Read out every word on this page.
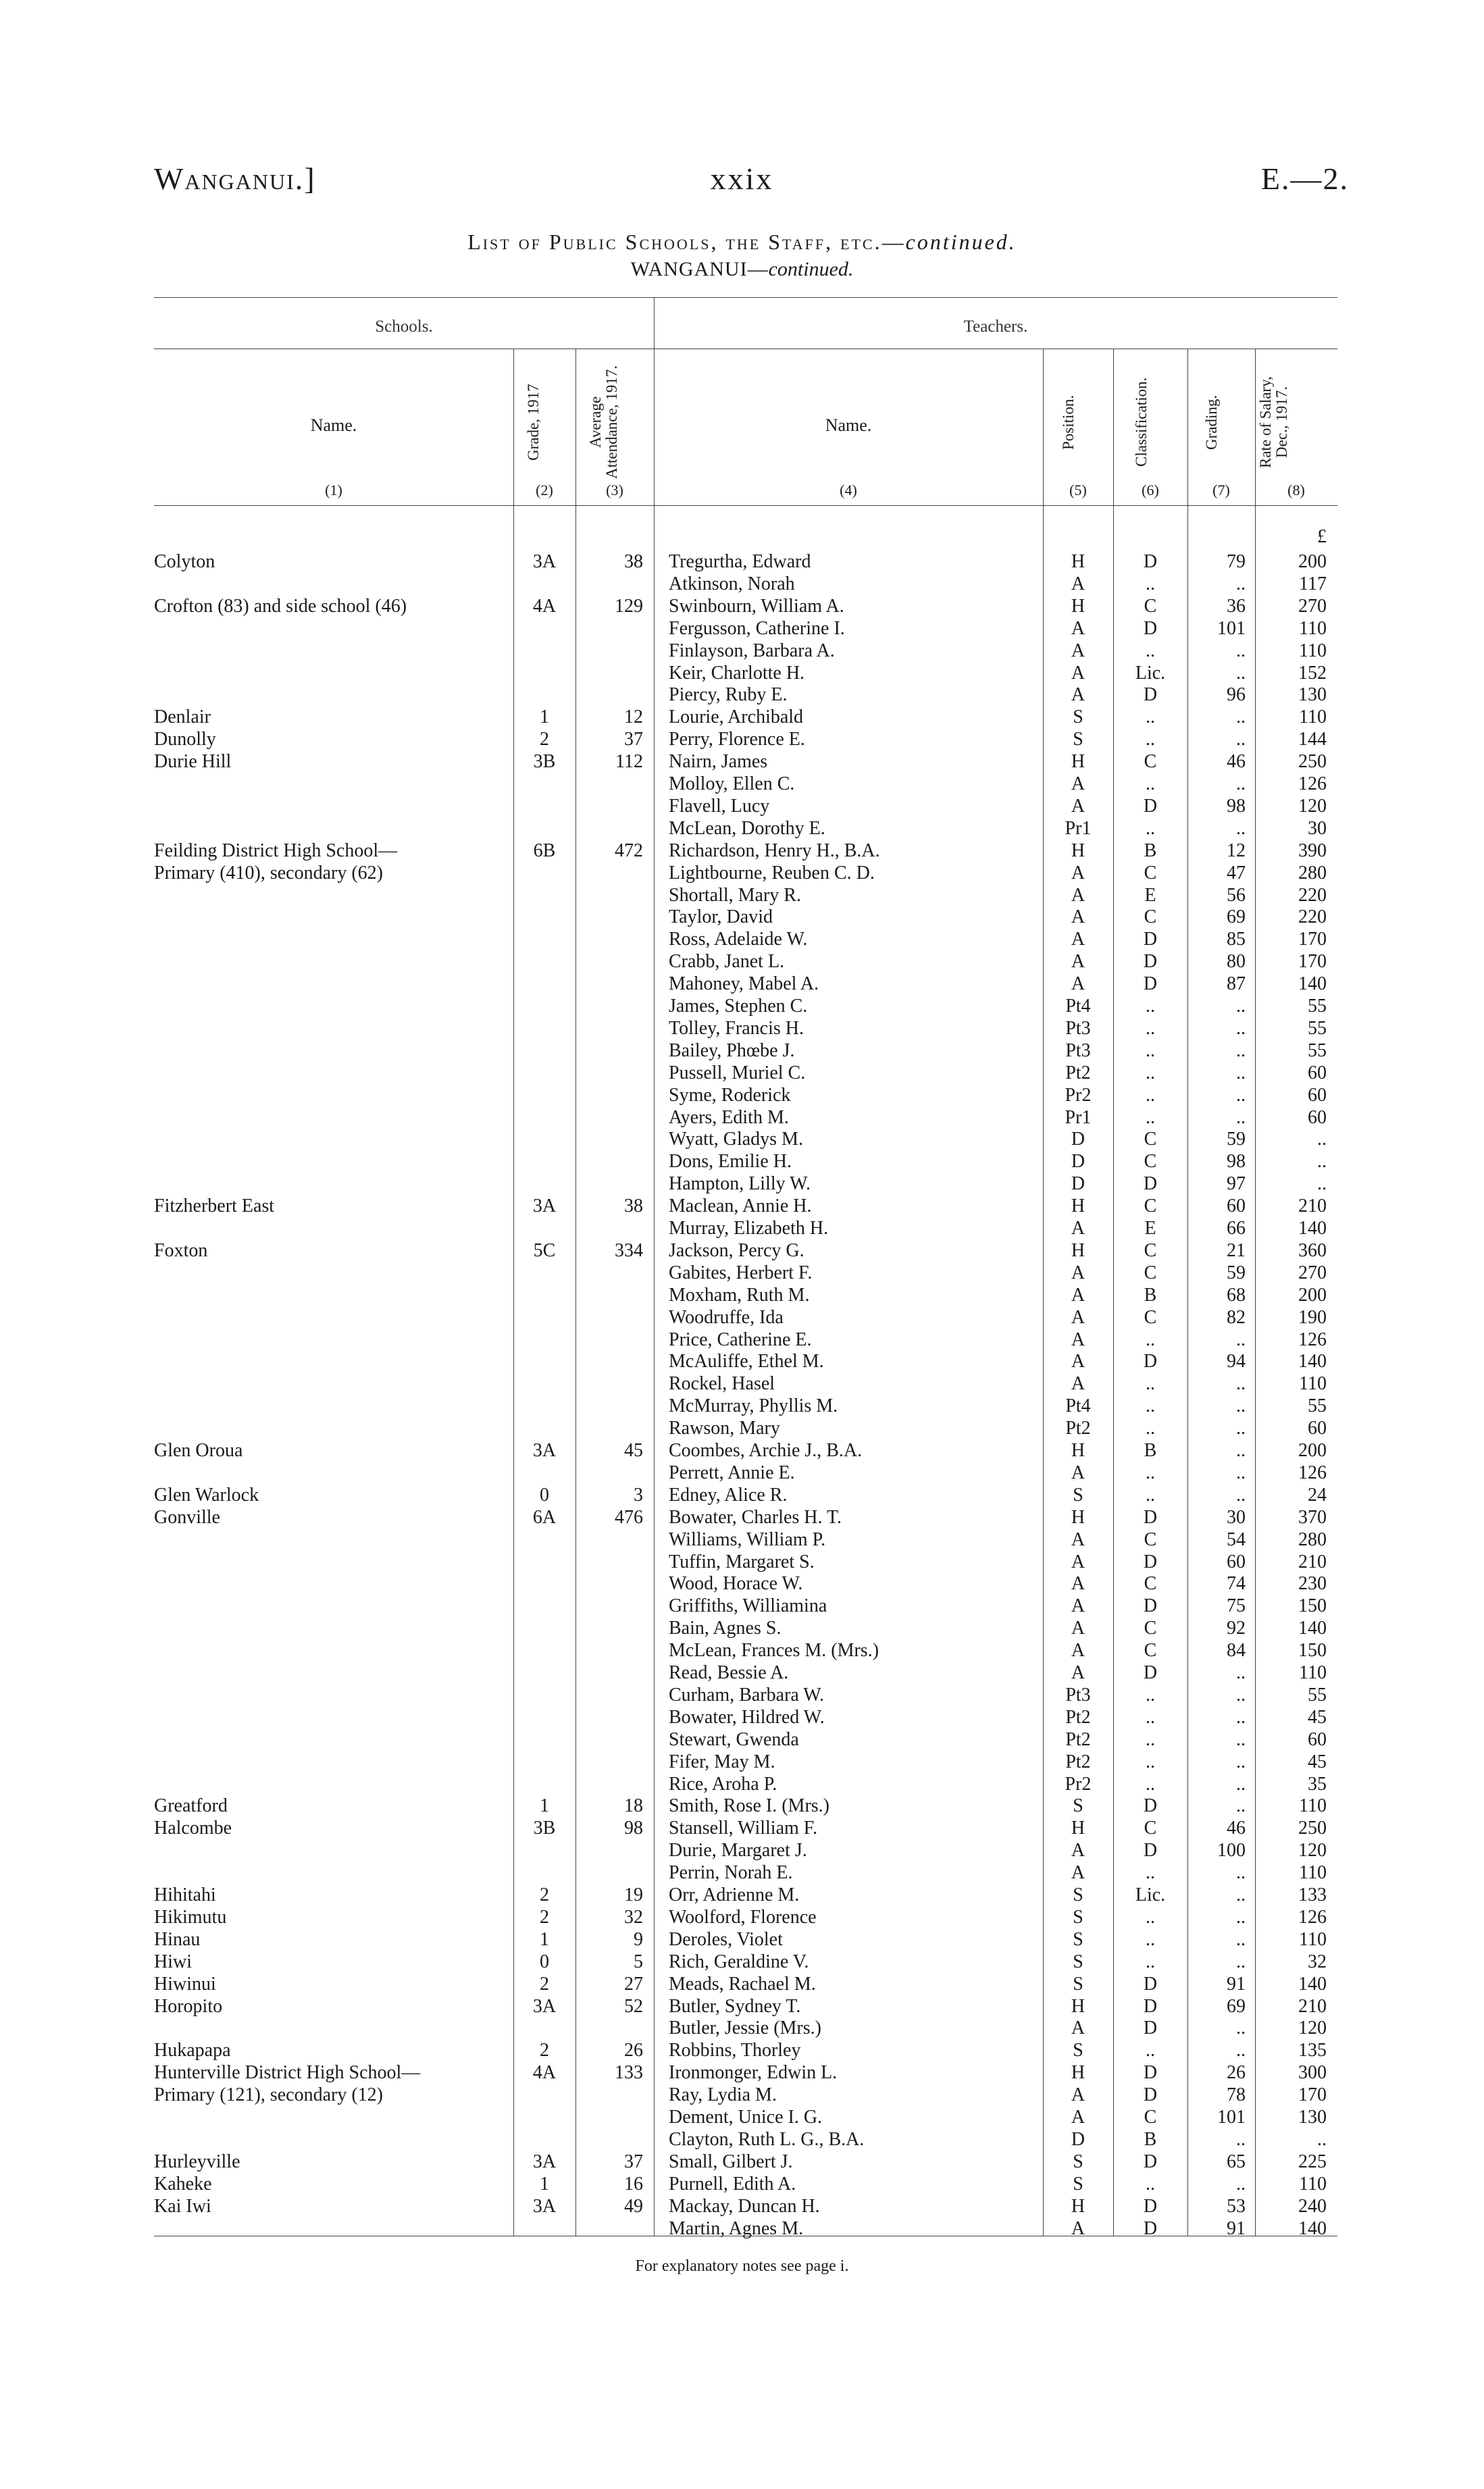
Wanganui.]	xxix	E.—2.
List of Public Schools, the Staff, etc.—continued.
WANGANUI—continued.
Schools.	Teachers.
Name.	Grade, 1917	Average Attendance, 1917.	Name.	Position.	Classification.	Grading.	Rate of Salary, Dec., 1917.
(1)	(2)	(3)	(4)	(5)	(6)	(7)	(8)
£
Colyton	3A	38 Tregurtha, Edward	H	D	79	200
Atkinson, Norah	A	..	..	117
Crofton (83) and side school (46)	4A	129 Swinbourn, William A.	H	C	36	270
Fergusson, Catherine I.	A	D	101	110
Finlayson, Barbara A.	A	..	..	110
Keir, Charlotte H.	A	Lic.	..	152
Piercy, Ruby E.	A	D	96	130
Denlair	1	12 Lourie, Archibald	S	..	..	110
Dunolly	2	37 Perry, Florence E.	S	..	..	144
Durie Hill	3B	112 Nairn, James	H	C	46	250
Molloy, Ellen C.	A	..	..	126
Flavell, Lucy	A	D	98	120
McLean, Dorothy E.	Pr1	..	..	30
Feilding District High School—	6B	472 Richardson, Henry H., B.A.	H	B	12	390
Primary (410), secondary (62)	Lightbourne, Reuben C. D.	A	C	47	280
Shortall, Mary R.	A	E	56	220
Taylor, David	A	C	69	220
Ross, Adelaide W.	A	D	85	170
Crabb, Janet L.	A	D	80	170
Mahoney, Mabel A.	A	D	87	140
James, Stephen C.	Pt4	..	..	55
Tolley, Francis H.	Pt3	..	..	55
Bailey, Phœbe J.	Pt3	..	..	55
Pussell, Muriel C.	Pt2	..	..	60
Syme, Roderick	Pr2	..	..	60
Ayers, Edith M.	Pr1	..	..	60
Wyatt, Gladys M.	D	C	59	..
Dons, Emilie H.	D	C	98	..
Hampton, Lilly W.	D	D	97	..
Fitzherbert East	3A	38 Maclean, Annie H.	H	C	60	210
Murray, Elizabeth H.	A	E	66	140
Foxton	5C	334 Jackson, Percy G.	H	C	21	360
Gabites, Herbert F.	A	C	59	270
Moxham, Ruth M.	A	B	68	200
Woodruffe, Ida	A	C	82	190
Price, Catherine E.	A	..	..	126
McAuliffe, Ethel M.	A	D	94	140
Rockel, Hasel	A	..	..	110
McMurray, Phyllis M.	Pt4	..	..	55
Rawson, Mary	Pt2	..	..	60
Glen Oroua	3A	45 Coombes, Archie J., B.A.	H	B	..	200
Perrett, Annie E.	A	..	..	126
Glen Warlock	0	3 Edney, Alice R.	S	..	..	24
Gonville	6A	476 Bowater, Charles H. T.	H	D	30	370
Williams, William P.	A	C	54	280
Tuffin, Margaret S.	A	D	60	210
Wood, Horace W.	A	C	74	230
Griffiths, Williamina	A	D	75	150
Bain, Agnes S.	A	C	92	140
McLean, Frances M. (Mrs.)	A	C	84	150
Read, Bessie A.	A	D	..	110
Curham, Barbara W.	Pt3	..	..	55
Bowater, Hildred W.	Pt2	..	..	45
Stewart, Gwenda	Pt2	..	..	60
Fifer, May M.	Pt2	..	..	45
Rice, Aroha P.	Pr2	..	..	35
Greatford	1	18 Smith, Rose I. (Mrs.)	S	D	..	110
Halcombe	3B	98 Stansell, William F.	H	C	46	250
Durie, Margaret J.	A	D	100	120
Perrin, Norah E.	A	..	..	110
Hihitahi	2	19 Orr, Adrienne M.	S	Lic.	..	133
Hikimutu	2	32 Woolford, Florence	S	..	..	126
Hinau	1	9 Deroles, Violet	S	..	..	110
Hiwi	0	5 Rich, Geraldine V.	S	..	..	32
Hiwinui	2	27 Meads, Rachael M.	S	D	91	140
Horopito	3A	52 Butler, Sydney T.	H	D	69	210
Butler, Jessie (Mrs.)	A	D	..	120
Hukapapa	2	26 Robbins, Thorley	S	..	..	135
Hunterville District High School—	4A	133 Ironmonger, Edwin L.	H	D	26	300
Primary (121), secondary (12)	Ray, Lydia M.	A	D	78	170
Dement, Unice I. G.	A	C	101	130
Clayton, Ruth L. G., B.A.	D	B	..	..
Hurleyville	3A	37 Small, Gilbert J.	S	D	65	225
Kaheke	1	16 Purnell, Edith A.	S	..	..	110
Kai Iwi	3A	49 Mackay, Duncan H.	H	D	53	240
Martin, Agnes M.	A	D	91	140
For explanatory notes see page i.
